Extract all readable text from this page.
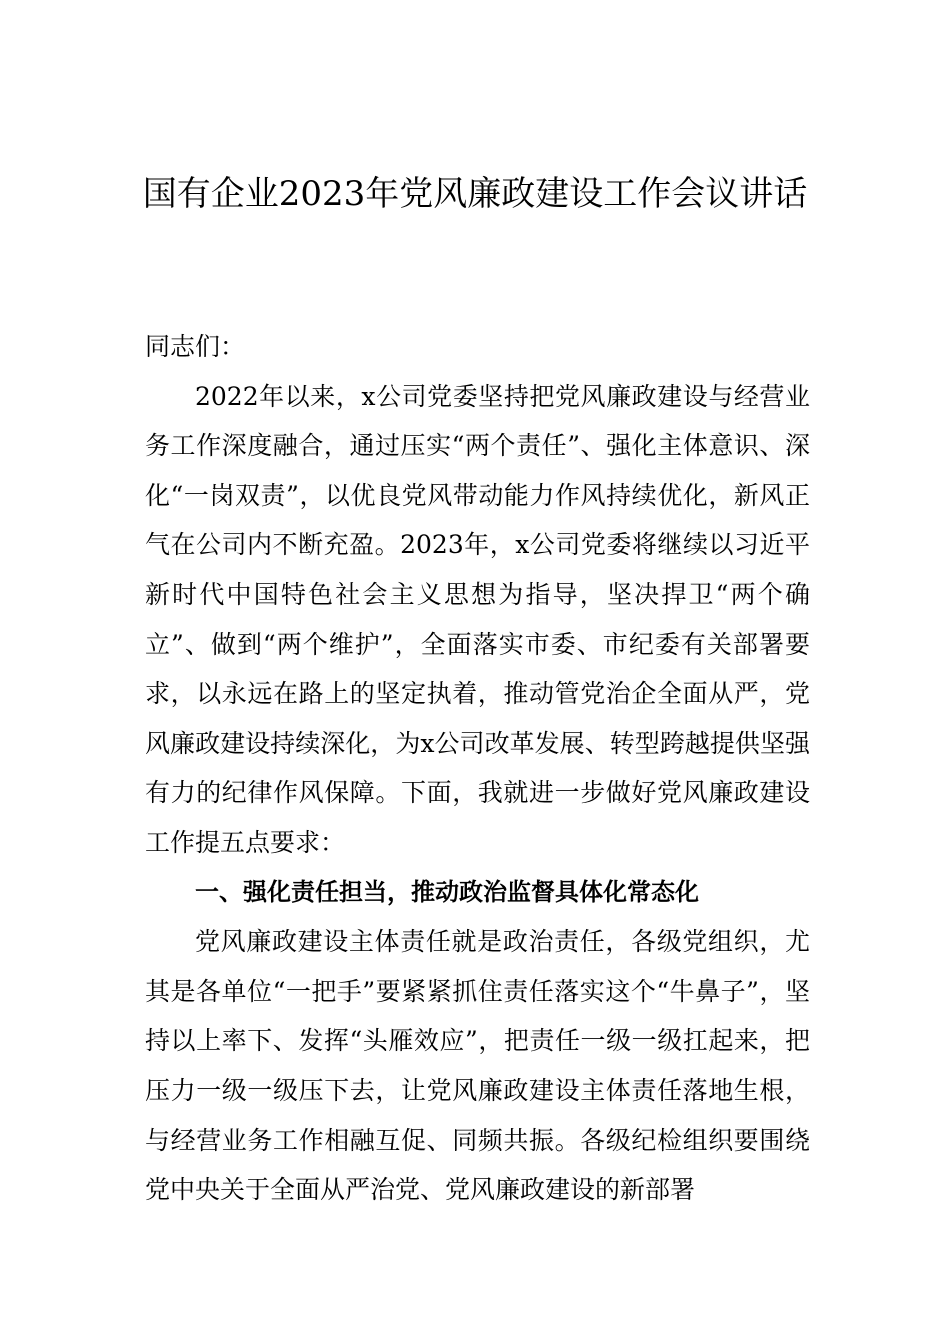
国有企业2023年党风廉政建设工作会议讲话

同志们：

2022年以来，x公司党委坚持把党风廉政建设与经营业务工作深度融合，通过压实“两个责任”、强化主体意识、深化“一岗双责”，以优良党风带动能力作风持续优化，新风正气在公司内不断充盈。2023年，x公司党委将继续以习近平新时代中国特色社会主义思想为指导，坚决捍卫“两个确立”、做到“两个维护”，全面落实市委、市纪委有关部署要求，以永远在路上的坚定执着，推动管党治企全面从严，党风廉政建设持续深化，为x公司改革发展、转型跨越提供坚强有力的纪律作风保障。下面，我就进一步做好党风廉政建设工作提五点要求：

一、强化责任担当，推动政治监督具体化常态化

党风廉政建设主体责任就是政治责任，各级党组织，尤其是各单位“一把手”要紧紧抓住责任落实这个“牛鼻子”，坚持以上率下、发挥“头雁效应”，把责任一级一级扛起来，把压力一级一级压下去，让党风廉政建设主体责任落地生根，与经营业务工作相融互促、同频共振。各级纪检组织要围绕党中央关于全面从严治党、党风廉政建设的新部署
